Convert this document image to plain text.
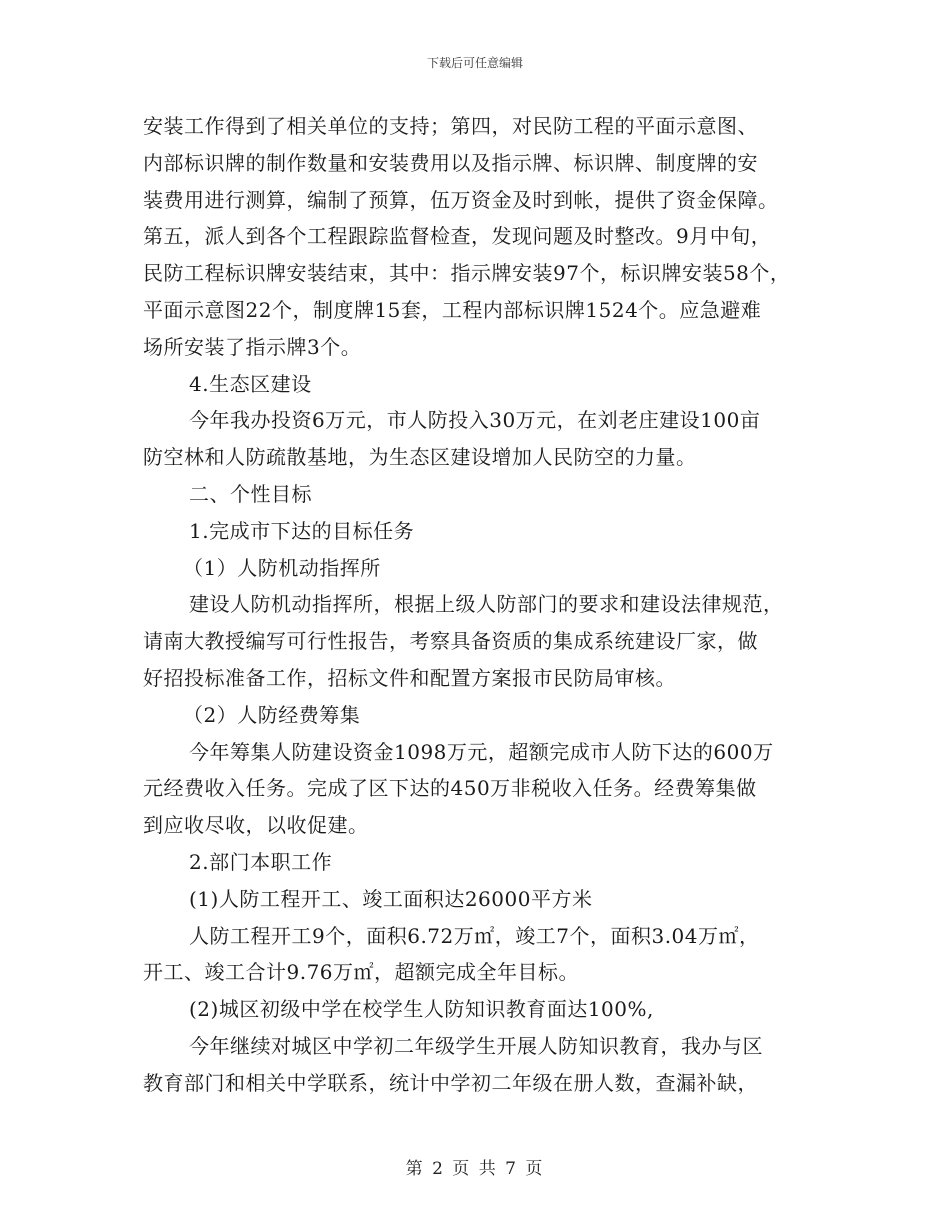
下载后可任意编辑
安装工作得到了相关单位的支持；第四，对民防工程的平面示意图、
内部标识牌的制作数量和安装费用以及指示牌、标识牌、制度牌的安
装费用进行测算，编制了预算，伍万资金及时到帐，提供了资金保障。
第五，派人到各个工程跟踪监督检查，发现问题及时整改。9月中旬，
民防工程标识牌安装结束，其中：指示牌安装97个，标识牌安装58个，
平面示意图22个，制度牌15套，工程内部标识牌1524个。应急避难
场所安装了指示牌3个。
4.生态区建设
今年我办投资6万元，市人防投入30万元，在刘老庄建设100亩
防空林和人防疏散基地，为生态区建设增加人民防空的力量。
二、个性目标
1.完成市下达的目标任务
（1）人防机动指挥所
建设人防机动指挥所，根据上级人防部门的要求和建设法律规范，
请南大教授编写可行性报告，考察具备资质的集成系统建设厂家，做
好招投标准备工作，招标文件和配置方案报市民防局审核。
（2）人防经费筹集
今年筹集人防建设资金1098万元，超额完成市人防下达的600万
元经费收入任务。完成了区下达的450万非税收入任务。经费筹集做
到应收尽收，以收促建。
2.部门本职工作
(1)人防工程开工、竣工面积达26000平方米
人防工程开工9个，面积6.72万㎡，竣工7个，面积3.04万㎡，
开工、竣工合计9.76万㎡，超额完成全年目标。
(2)城区初级中学在校学生人防知识教育面达100%,
今年继续对城区中学初二年级学生开展人防知识教育，我办与区
教育部门和相关中学联系，统计中学初二年级在册人数，查漏补缺，
第 2 页 共 7 页
